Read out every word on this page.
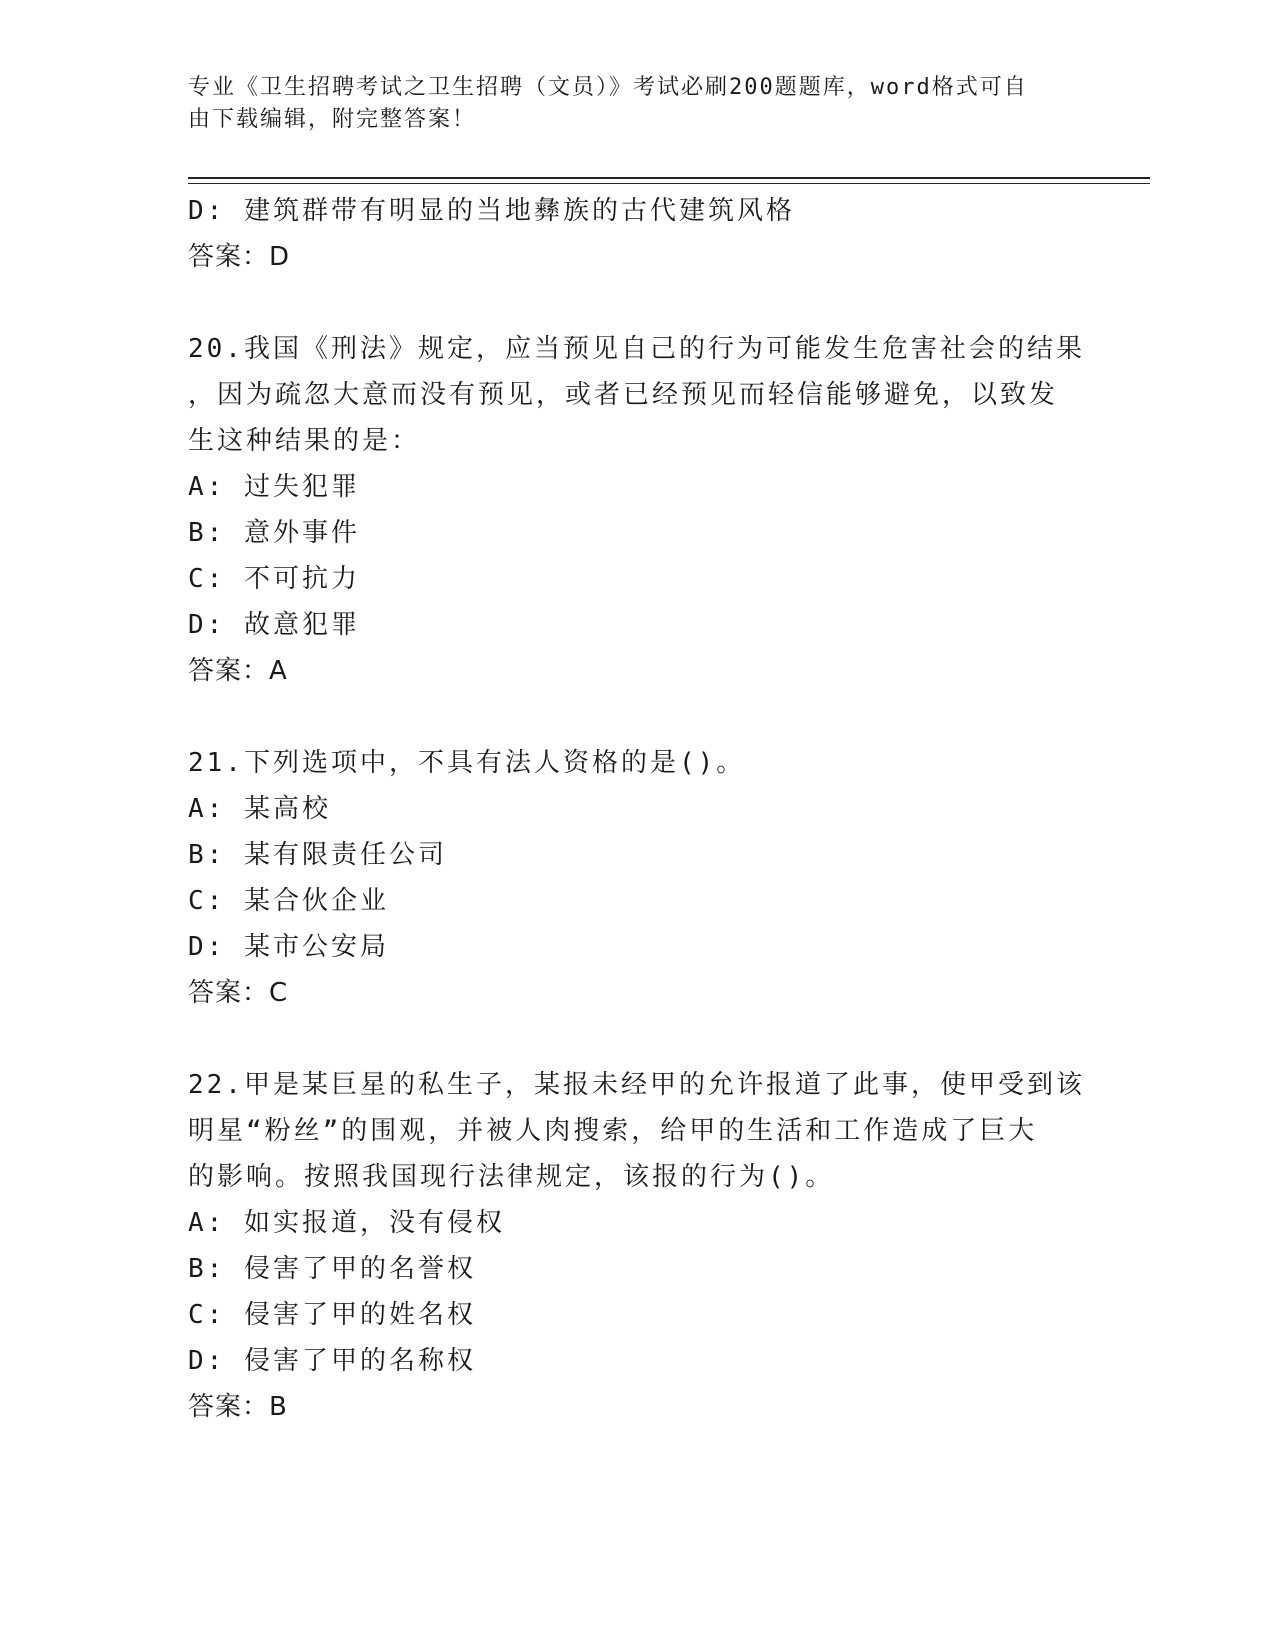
专业《卫生招聘考试之卫生招聘（文员）》考试必刷200题题库，word格式可自
由下载编辑，附完整答案！
D: 建筑群带有明显的当地彝族的古代建筑风格
答案：D
20.我国《刑法》规定，应当预见自己的行为可能发生危害社会的结果
，因为疏忽大意而没有预见，或者已经预见而轻信能够避免，以致发
生这种结果的是：
A: 过失犯罪
B: 意外事件
C: 不可抗力
D: 故意犯罪
答案：A
21.下列选项中，不具有法人资格的是()。
A: 某高校
B: 某有限责任公司
C: 某合伙企业
D: 某市公安局
答案：C
22.甲是某巨星的私生子，某报未经甲的允许报道了此事，使甲受到该
明星“粉丝”的围观，并被人肉搜索，给甲的生活和工作造成了巨大
的影响。按照我国现行法律规定，该报的行为()。
A: 如实报道，没有侵权
B: 侵害了甲的名誉权
C: 侵害了甲的姓名权
D: 侵害了甲的名称权
答案：B
